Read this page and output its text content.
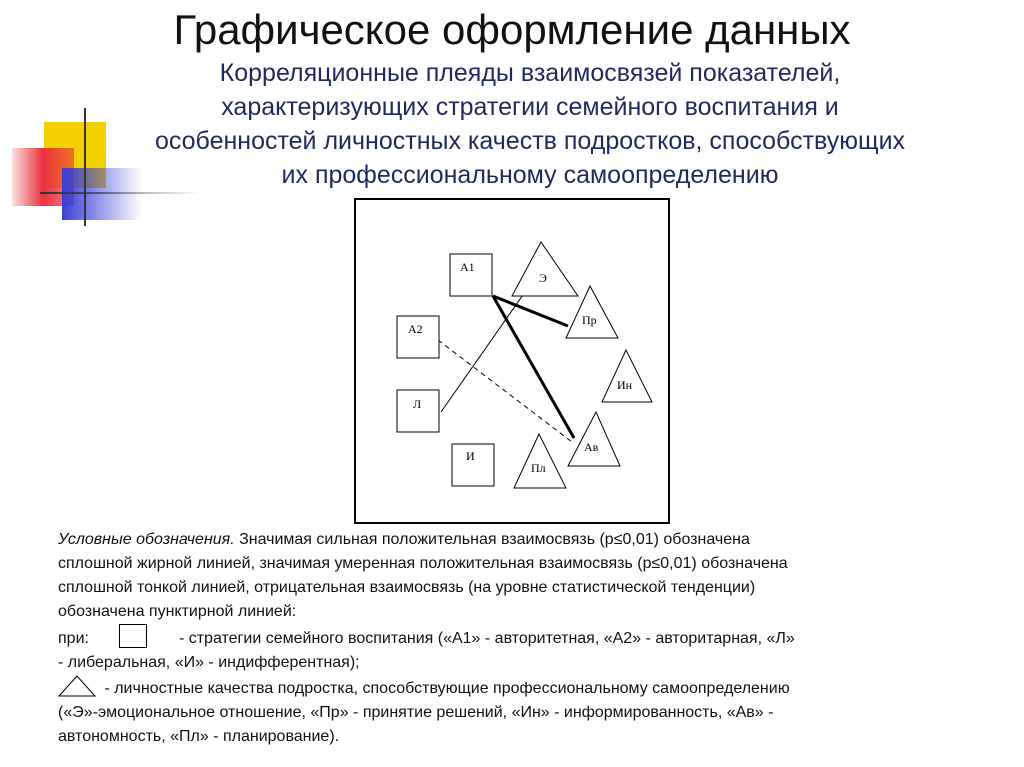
Графическое оформление данных
Корреляционные плеяды взаимосвязей показателей,
характеризующих стратегии семейного воспитания и
особенностей личностных качеств подростков, способствующих
их профессиональному самоопределению
А1
А2
Л
И
Э
Пр
Ин
Ав
Пл
Условные обозначения. Значимая сильная положительная взаимосвязь (р≤0,01) обозначена
сплошной жирной линией, значимая умеренная положительная взаимосвязь (р≤0,01) обозначена
сплошной тонкой линией, отрицательная взаимосвязь (на уровне статистической тенденции)
обозначена пунктирной линией:
при:	- стратегии семейного воспитания («А1» - авторитетная, «А2» - авторитарная, «Л»
- либеральная, «И» - индифферентная);
- личностные качества подростка, способствующие профессиональному самоопределению
(«Э»-эмоциональное отношение, «Пр» - принятие решений, «Ин» - информированность, «Ав» -
автономность, «Пл» - планирование).
